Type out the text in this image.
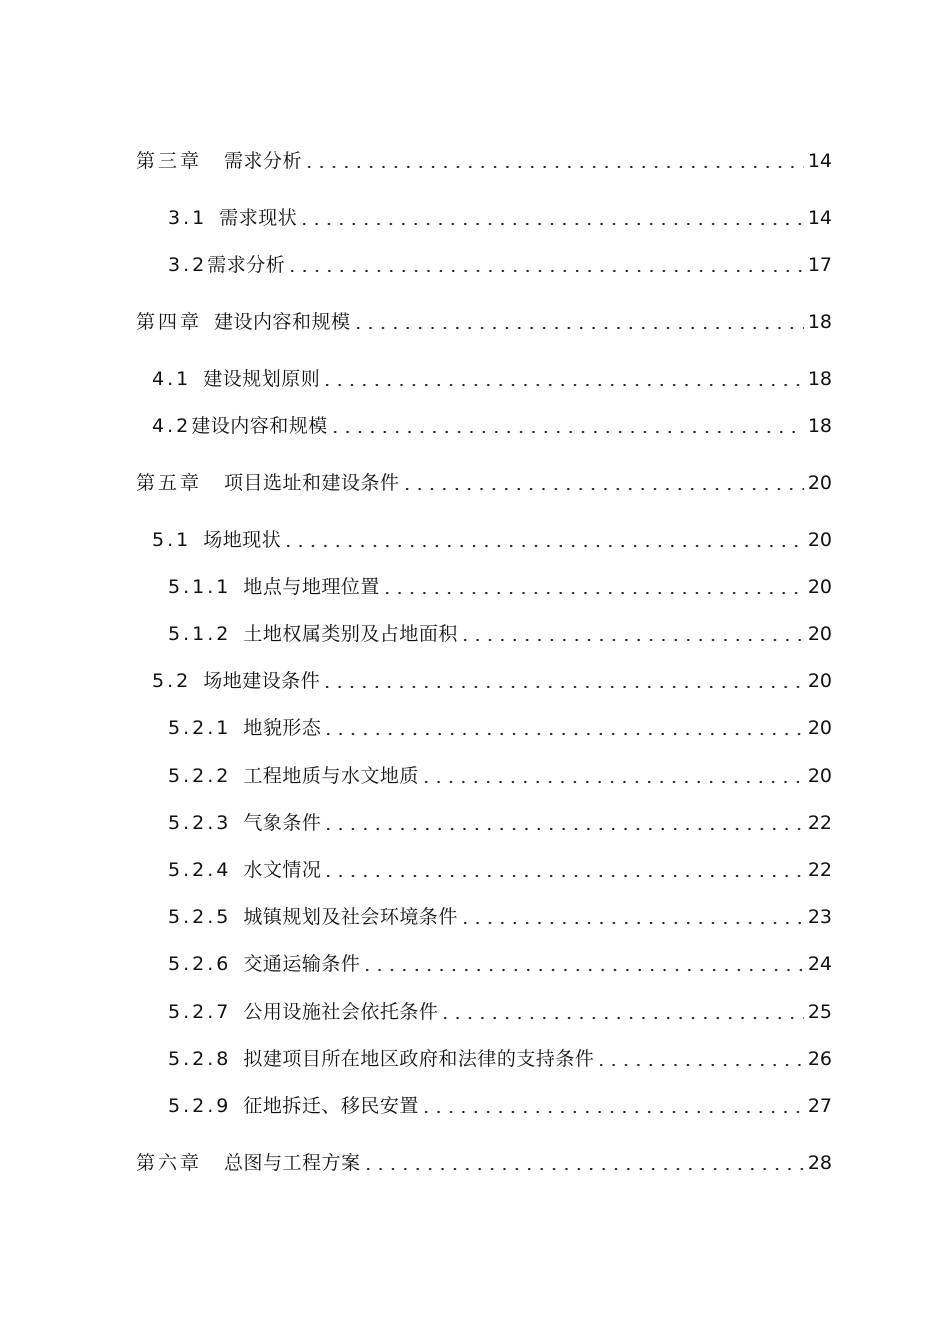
第三章 需求分析	14
3.1 需求现状	14
3.2 需求分析	17
第四章 建设内容和规模	18
4.1 建设规划原则	18
4.2 建设内容和规模	18
第五章 项目选址和建设条件	20
5.1 场地现状	20
5.1.1 地点与地理位置	20
5.1.2 土地权属类别及占地面积	20
5.2 场地建设条件	20
5.2.1 地貌形态	20
5.2.2 工程地质与水文地质	20
5.2.3 气象条件	22
5.2.4 水文情况	22
5.2.5 城镇规划及社会环境条件	23
5.2.6 交通运输条件	24
5.2.7 公用设施社会依托条件	25
5.2.8 拟建项目所在地区政府和法律的支持条件	26
5.2.9 征地拆迁、移民安置	27
第六章 总图与工程方案	28
